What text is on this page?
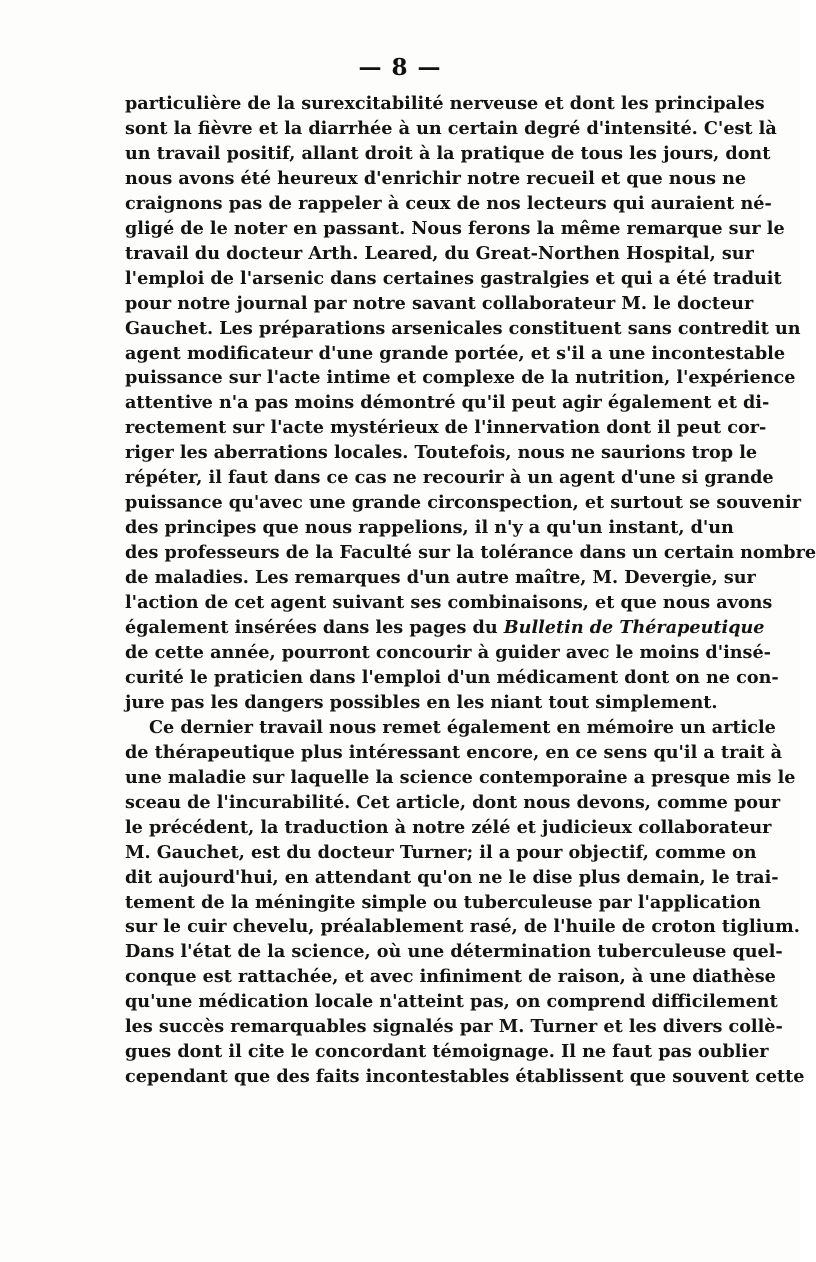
— 8 —
particulière de la surexcitabilité nerveuse et dont les principales
sont la fièvre et la diarrhée à un certain degré d'intensité. C'est là
un travail positif, allant droit à la pratique de tous les jours, dont
nous avons été heureux d'enrichir notre recueil et que nous ne
craignons pas de rappeler à ceux de nos lecteurs qui auraient né-
gligé de le noter en passant. Nous ferons la même remarque sur le
travail du docteur Arth. Leared, du Great-Northen Hospital, sur
l'emploi de l'arsenic dans certaines gastralgies et qui a été traduit
pour notre journal par notre savant collaborateur M. le docteur
Gauchet. Les préparations arsenicales constituent sans contredit un
agent modificateur d'une grande portée, et s'il a une incontestable
puissance sur l'acte intime et complexe de la nutrition, l'expérience
attentive n'a pas moins démontré qu'il peut agir également et di-
rectement sur l'acte mystérieux de l'innervation dont il peut cor-
riger les aberrations locales. Toutefois, nous ne saurions trop le
répéter, il faut dans ce cas ne recourir à un agent d'une si grande
puissance qu'avec une grande circonspection, et surtout se souvenir
des principes que nous rappelions, il n'y a qu'un instant, d'un
des professeurs de la Faculté sur la tolérance dans un certain nombre
de maladies. Les remarques d'un autre maître, M. Devergie, sur
l'action de cet agent suivant ses combinaisons, et que nous avons
également insérées dans les pages du Bulletin de Thérapeutique
de cette année, pourront concourir à guider avec le moins d'insé-
curité le praticien dans l'emploi d'un médicament dont on ne con-
jure pas les dangers possibles en les niant tout simplement.
Ce dernier travail nous remet également en mémoire un article
de thérapeutique plus intéressant encore, en ce sens qu'il a trait à
une maladie sur laquelle la science contemporaine a presque mis le
sceau de l'incurabilité. Cet article, dont nous devons, comme pour
le précédent, la traduction à notre zélé et judicieux collaborateur
M. Gauchet, est du docteur Turner; il a pour objectif, comme on
dit aujourd'hui, en attendant qu'on ne le dise plus demain, le trai-
tement de la méningite simple ou tuberculeuse par l'application
sur le cuir chevelu, préalablement rasé, de l'huile de croton tiglium.
Dans l'état de la science, où une détermination tuberculeuse quel-
conque est rattachée, et avec infiniment de raison, à une diathèse
qu'une médication locale n'atteint pas, on comprend difficilement
les succès remarquables signalés par M. Turner et les divers collè-
gues dont il cite le concordant témoignage. Il ne faut pas oublier
cependant que des faits incontestables établissent que souvent cette
